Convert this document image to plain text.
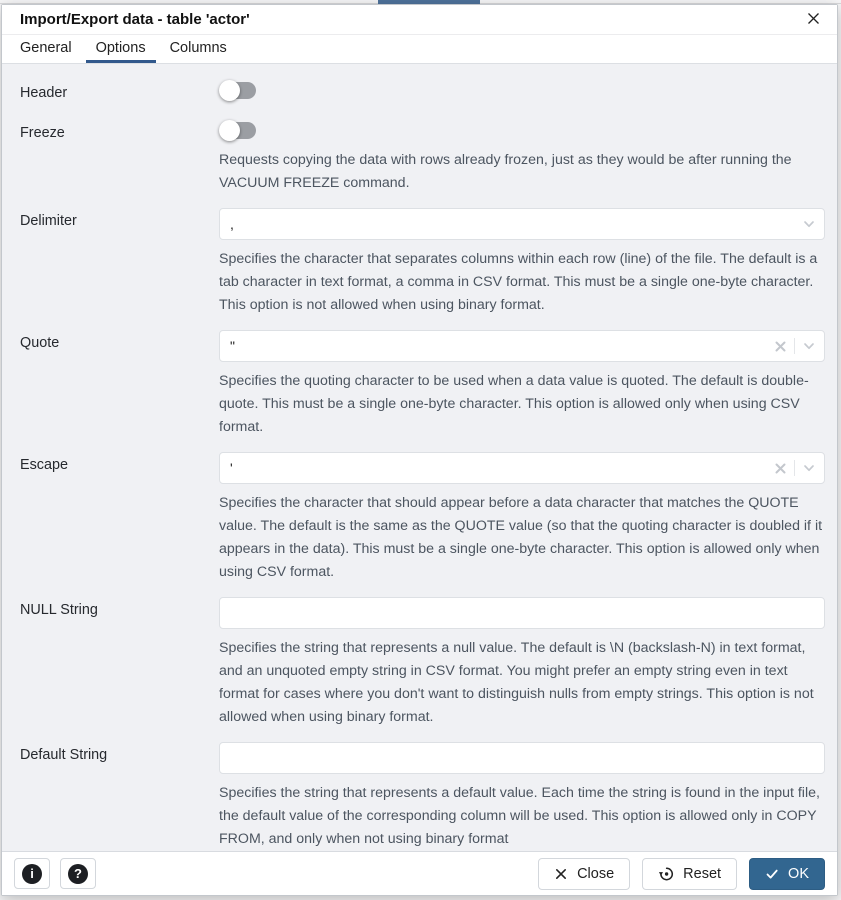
Import/Export data - table 'actor'
General	Options	Columns
Header
Freeze

Requests copying the data with rows already frozen, just as they would be after running the VACUUM FREEZE command.

Delimiter
,

Specifies the character that separates columns within each row (line) of the file. The default is a tab character in text format, a comma in CSV format. This must be a single one-byte character. This option is not allowed when using binary format.

Quote
"

Specifies the quoting character to be used when a data value is quoted. The default is double-quote. This must be a single one-byte character. This option is allowed only when using CSV format.

Escape
'

Specifies the character that should appear before a data character that matches the QUOTE value. The default is the same as the QUOTE value (so that the quoting character is doubled if it appears in the data). This must be a single one-byte character. This option is allowed only when using CSV format.

NULL String

Specifies the string that represents a null value. The default is \N (backslash-N) in text format, and an unquoted empty string in CSV format. You might prefer an empty string even in text format for cases where you don't want to distinguish nulls from empty strings. This option is not allowed when using binary format.

Default String

Specifies the string that represents a default value. Each time the string is found in the input file, the default value of the corresponding column will be used. This option is allowed only in COPY FROM, and only when not using binary format

i	?	Close	Reset	OK
